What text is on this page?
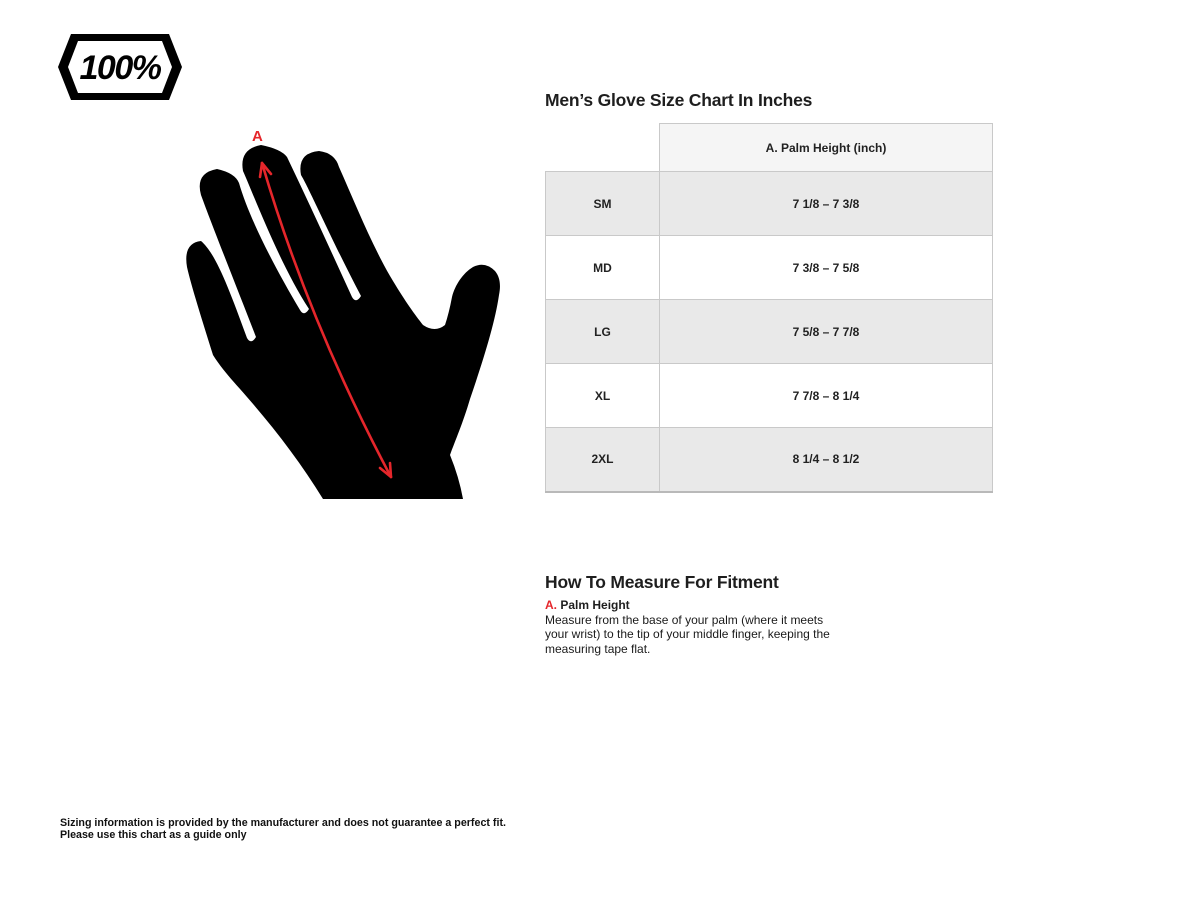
100%
A
Men’s Glove Size Chart In Inches
	A. Palm Height (inch)
SM	7 1/8 – 7 3/8
MD	7 3/8 – 7 5/8
LG	7 5/8 – 7 7/8
XL	7 7/8 – 8 1/4
2XL	8 1/4 – 8 1/2
How To Measure For Fitment
A. Palm Height

Measure from the base of your palm (where it meets your wrist) to the tip of your middle finger, keeping the measuring tape flat.

Sizing information is provided by the manufacturer and does not guarantee a perfect fit.
Please use this chart as a guide only
